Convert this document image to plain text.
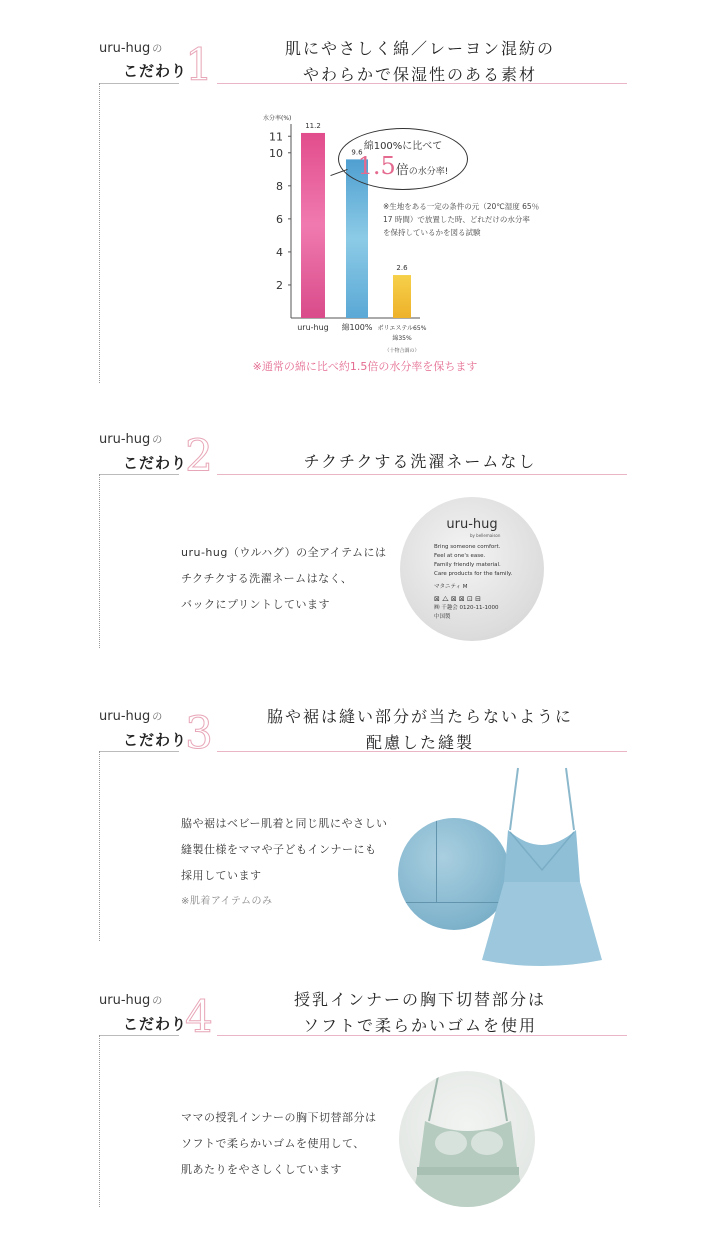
uru-hug の
こだわり
1	肌にやさしく綿／レーヨン混紡の
やわらかで保湿性のある素材
水分率(%)
2
4
6
8
10
11
11.2
9.6
2.6
uru-hug 綿100% ポリエステル65%
綿35%
（十物合調の）
綿100%に比べて
1.5倍の水分率!
※生地をある一定の条件の元（20℃湿度 65％
17 時間）で放置した時、どれだけの水分率
を保持しているかを図る試験
※通常の綿に比べ約1.5倍の水分率を保ちます
uru-hug の
こだわり
2	チクチクする洗濯ネームなし
uru-hug（ウルハグ）の全アイテムには
チクチクする洗濯ネームはなく、
バックにプリントしています
uru-hug
by bellemaison
Bring someone comfort.
Feel at one's ease.
Family friendly material.
Care products for the family.
マタニティ M
⊠ ⧍ ⊠ ⊠ ⊡ ⊟
㈱ 千趣会 0120-11-1000
中国製
uru-hug の
こだわり
3	脇や裾は縫い部分が当たらないように
配慮した縫製
脇や裾はベビー肌着と同じ肌にやさしい
縫製仕様をママや子どもインナーにも
採用しています
※肌着アイテムのみ
uru-hug の
こだわり
4	授乳インナーの胸下切替部分は
ソフトで柔らかいゴムを使用
ママの授乳インナーの胸下切替部分は
ソフトで柔らかいゴムを使用して、
肌あたりをやさしくしています
